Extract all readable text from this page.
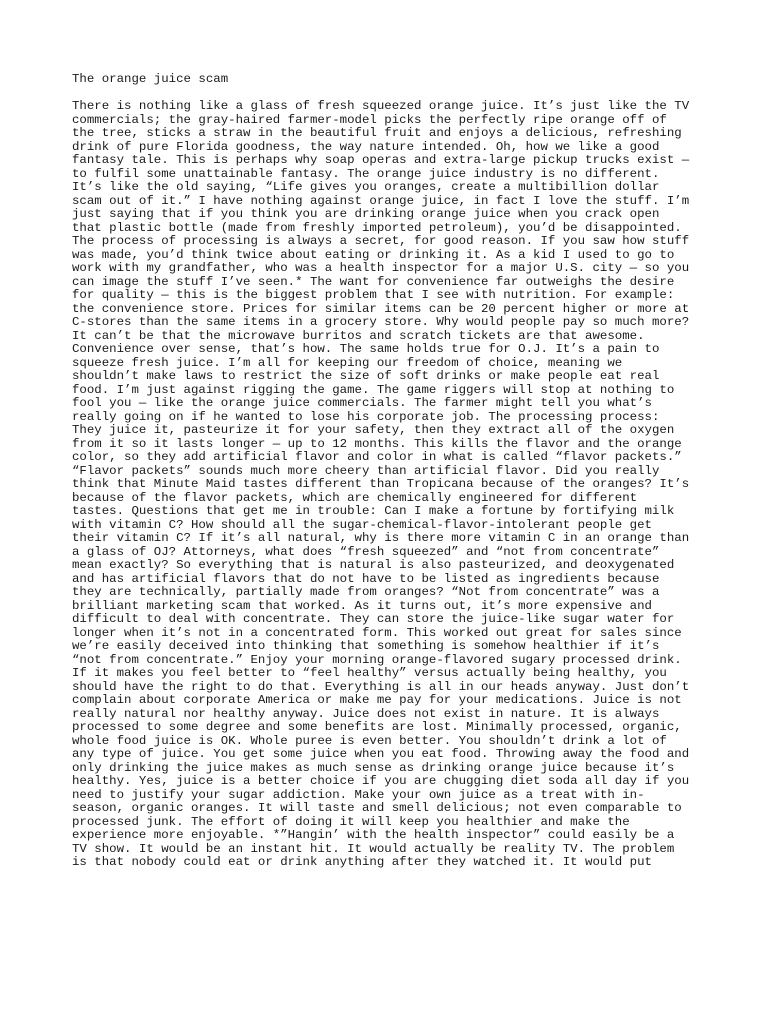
The orange juice scam
There is nothing like a glass of fresh squeezed orange juice. It’s just like the TV
commercials; the gray-haired farmer-model picks the perfectly ripe orange off of
the tree, sticks a straw in the beautiful fruit and enjoys a delicious, refreshing
drink of pure Florida goodness, the way nature intended. Oh, how we like a good
fantasy tale. This is perhaps why soap operas and extra-large pickup trucks exist —
to fulfil some unattainable fantasy. The orange juice industry is no different.
It’s like the old saying, “Life gives you oranges, create a multibillion dollar
scam out of it.” I have nothing against orange juice, in fact I love the stuff. I’m
just saying that if you think you are drinking orange juice when you crack open
that plastic bottle (made from freshly imported petroleum), you’d be disappointed.
The process of processing is always a secret, for good reason. If you saw how stuff
was made, you’d think twice about eating or drinking it. As a kid I used to go to
work with my grandfather, who was a health inspector for a major U.S. city — so you
can image the stuff I’ve seen.* The want for convenience far outweighs the desire
for quality — this is the biggest problem that I see with nutrition. For example:
the convenience store. Prices for similar items can be 20 percent higher or more at
C-stores than the same items in a grocery store. Why would people pay so much more?
It can’t be that the microwave burritos and scratch tickets are that awesome.
Convenience over sense, that’s how. The same holds true for O.J. It’s a pain to
squeeze fresh juice. I’m all for keeping our freedom of choice, meaning we
shouldn’t make laws to restrict the size of soft drinks or make people eat real
food. I’m just against rigging the game. The game riggers will stop at nothing to
fool you — like the orange juice commercials. The farmer might tell you what’s
really going on if he wanted to lose his corporate job. The processing process:
They juice it, pasteurize it for your safety, then they extract all of the oxygen
from it so it lasts longer — up to 12 months. This kills the flavor and the orange
color, so they add artificial flavor and color in what is called “flavor packets.”
“Flavor packets” sounds much more cheery than artificial flavor. Did you really
think that Minute Maid tastes different than Tropicana because of the oranges? It’s
because of the flavor packets, which are chemically engineered for different
tastes. Questions that get me in trouble: Can I make a fortune by fortifying milk
with vitamin C? How should all the sugar-chemical-flavor-intolerant people get
their vitamin C? If it’s all natural, why is there more vitamin C in an orange than
a glass of OJ? Attorneys, what does “fresh squeezed” and “not from concentrate”
mean exactly? So everything that is natural is also pasteurized, and deoxygenated
and has artificial flavors that do not have to be listed as ingredients because
they are technically, partially made from oranges? “Not from concentrate” was a
brilliant marketing scam that worked. As it turns out, it’s more expensive and
difficult to deal with concentrate. They can store the juice-like sugar water for
longer when it’s not in a concentrated form. This worked out great for sales since
we’re easily deceived into thinking that something is somehow healthier if it’s
“not from concentrate.” Enjoy your morning orange-flavored sugary processed drink.
If it makes you feel better to “feel healthy” versus actually being healthy, you
should have the right to do that. Everything is all in our heads anyway. Just don’t
complain about corporate America or make me pay for your medications. Juice is not
really natural nor healthy anyway. Juice does not exist in nature. It is always
processed to some degree and some benefits are lost. Minimally processed, organic,
whole food juice is OK. Whole puree is even better. You shouldn’t drink a lot of
any type of juice. You get some juice when you eat food. Throwing away the food and
only drinking the juice makes as much sense as drinking orange juice because it’s
healthy. Yes, juice is a better choice if you are chugging diet soda all day if you
need to justify your sugar addiction. Make your own juice as a treat with in-
season, organic oranges. It will taste and smell delicious; not even comparable to
processed junk. The effort of doing it will keep you healthier and make the
experience more enjoyable. *”Hangin’ with the health inspector” could easily be a
TV show. It would be an instant hit. It would actually be reality TV. The problem
is that nobody could eat or drink anything after they watched it. It would put
